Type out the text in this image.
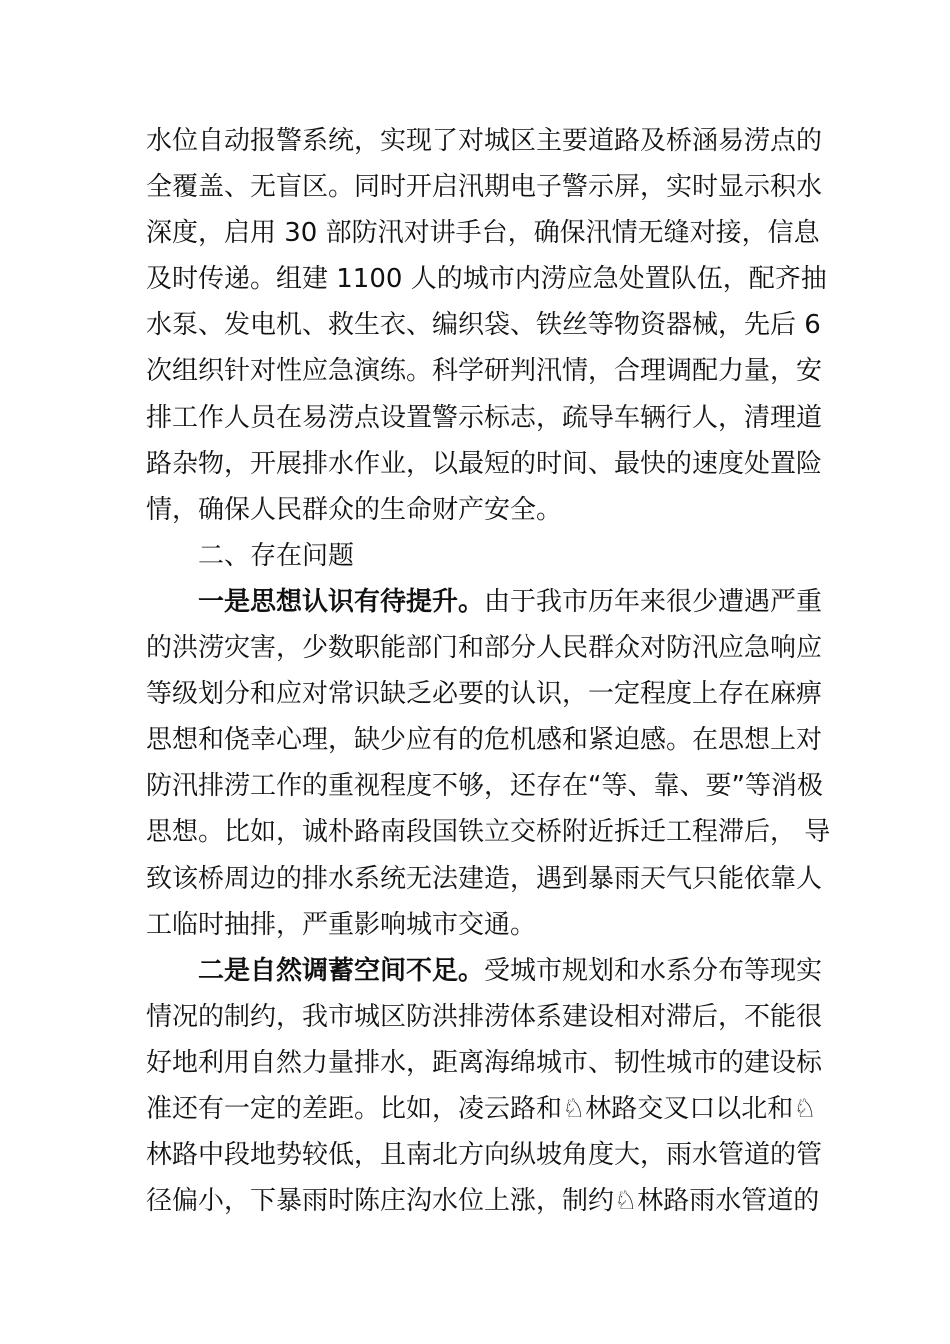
水位自动报警系统，实现了对城区主要道路及桥涵易涝点的
全覆盖、无盲区。同时开启汛期电子警示屏，实时显示积水
深度，启用 30 部防汛对讲手台，确保汛情无缝对接，信息
及时传递。组建 1100 人的城市内涝应急处置队伍，配齐抽
水泵、发电机、救生衣、编织袋、铁丝等物资器械，先后 6
次组织针对性应急演练。科学研判汛情，合理调配力量，安
排工作人员在易涝点设置警示标志，疏导车辆行人，清理道
路杂物，开展排水作业，以最短的时间、最快的速度处置险
情，确保人民群众的生命财产安全。
二、存在问题
一是思想认识有待提升。由于我市历年来很少遭遇严重
的洪涝灾害，少数职能部门和部分人民群众对防汛应急响应
等级划分和应对常识缺乏必要的认识，一定程度上存在麻痹
思想和侥幸心理，缺少应有的危机感和紧迫感。在思想上对
防汛排涝工作的重视程度不够，还存在“等、靠、要”等消极
思想。比如，诚朴路南段国铁立交桥附近拆迁工程滞后， 导
致该桥周边的排水系统无法建造，遇到暴雨天气只能依靠人
工临时抽排，严重影响城市交通。
二是自然调蓄空间不足。受城市规划和水系分布等现实
情况的制约，我市城区防洪排涝体系建设相对滞后，不能很
好地利用自然力量排水，距离海绵城市、韧性城市的建设标
准还有一定的差距。比如，凌云路和♘林路交叉口以北和♘
林路中段地势较低，且南北方向纵坡角度大，雨水管道的管
径偏小，下暴雨时陈庄沟水位上涨，制约♘林路雨水管道的
